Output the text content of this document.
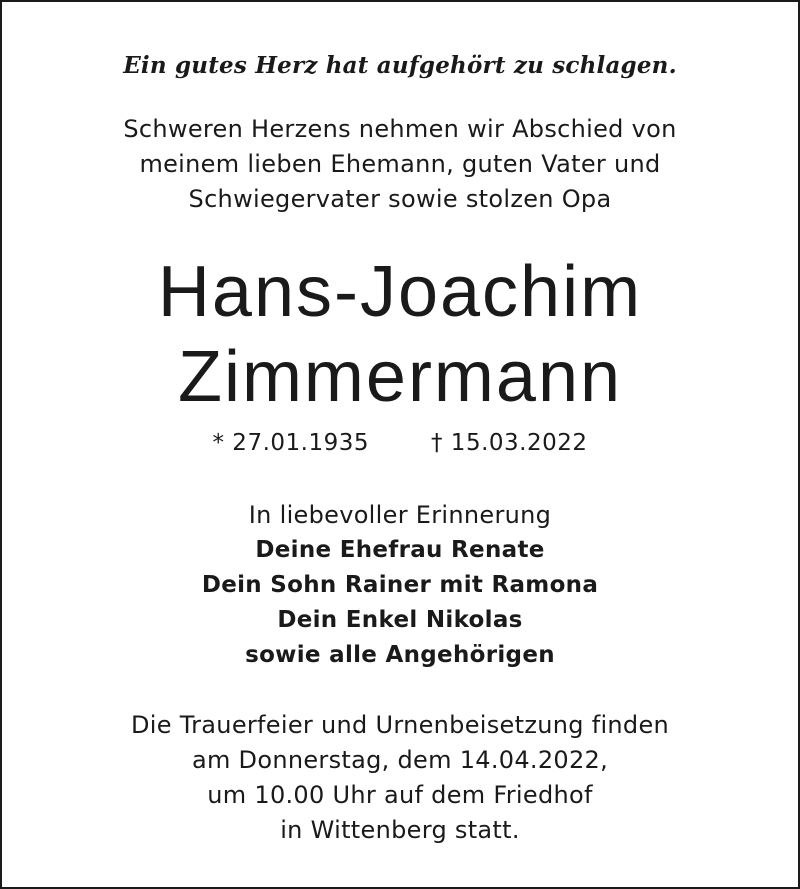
Ein gutes Herz hat aufgehört zu schlagen.

Schweren Herzens nehmen wir Abschied von

meinem lieben Ehemann, guten Vater und

Schwiegervater sowie stolzen Opa

Hans-Joachim

Zimmermann

* 27.01.1935	† 15.03.2022

In liebevoller Erinnerung

Deine Ehefrau Renate

Dein Sohn Rainer mit Ramona

Dein Enkel Nikolas

sowie alle Angehörigen

Die Trauerfeier und Urnenbeisetzung finden

am Donnerstag, dem 14.04.2022,

um 10.00 Uhr auf dem Friedhof

in Wittenberg statt.
